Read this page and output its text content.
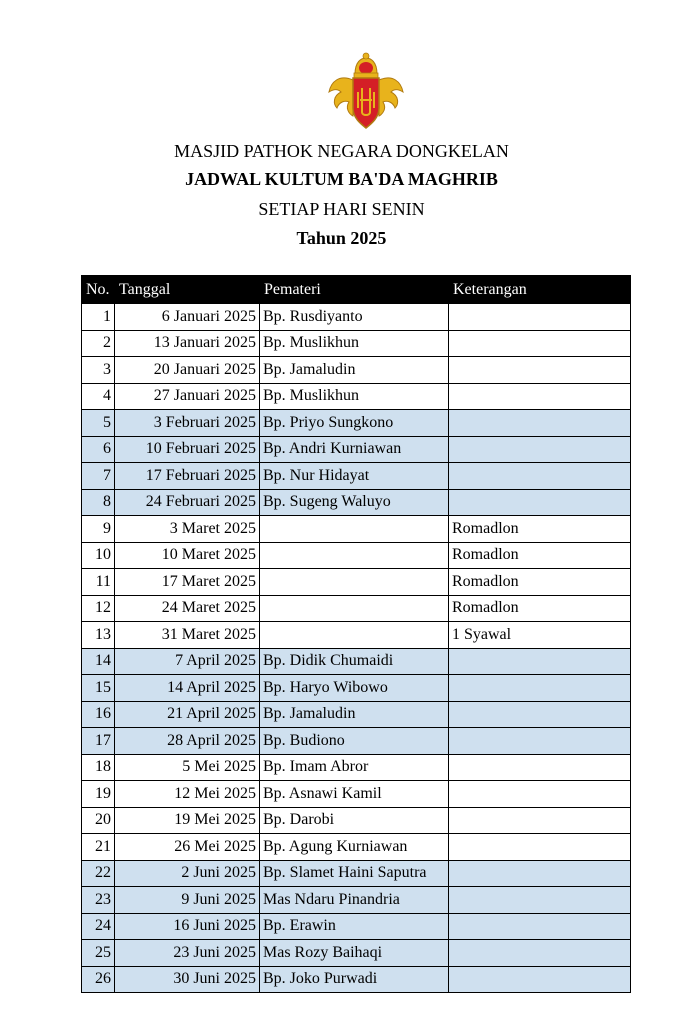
MASJID PATHOK NEGARA DONGKELAN
JADWAL KULTUM BA'DA MAGHRIB
SETIAP HARI SENIN
Tahun 2025
No.	Tanggal	Pemateri	Keterangan
1	6 Januari 2025	Bp. Rusdiyanto	
2	13 Januari 2025	Bp. Muslikhun	
3	20 Januari 2025	Bp. Jamaludin	
4	27 Januari 2025	Bp. Muslikhun	
5	3 Februari 2025	Bp. Priyo Sungkono	
6	10 Februari 2025	Bp. Andri Kurniawan	
7	17 Februari 2025	Bp. Nur Hidayat	
8	24 Februari 2025	Bp. Sugeng Waluyo	
9	3 Maret 2025		Romadlon
10	10 Maret 2025		Romadlon
11	17 Maret 2025		Romadlon
12	24 Maret 2025		Romadlon
13	31 Maret 2025		1 Syawal
14	7 April 2025	Bp. Didik Chumaidi	
15	14 April 2025	Bp. Haryo Wibowo	
16	21 April 2025	Bp. Jamaludin	
17	28 April 2025	Bp. Budiono	
18	5 Mei 2025	Bp. Imam Abror	
19	12 Mei 2025	Bp. Asnawi Kamil	
20	19 Mei 2025	Bp. Darobi	
21	26 Mei 2025	Bp. Agung Kurniawan	
22	2 Juni 2025	Bp. Slamet Haini Saputra	
23	9 Juni 2025	Mas Ndaru Pinandria	
24	16 Juni 2025	Bp. Erawin	
25	23 Juni 2025	Mas Rozy Baihaqi	
26	30 Juni 2025	Bp. Joko Purwadi	
